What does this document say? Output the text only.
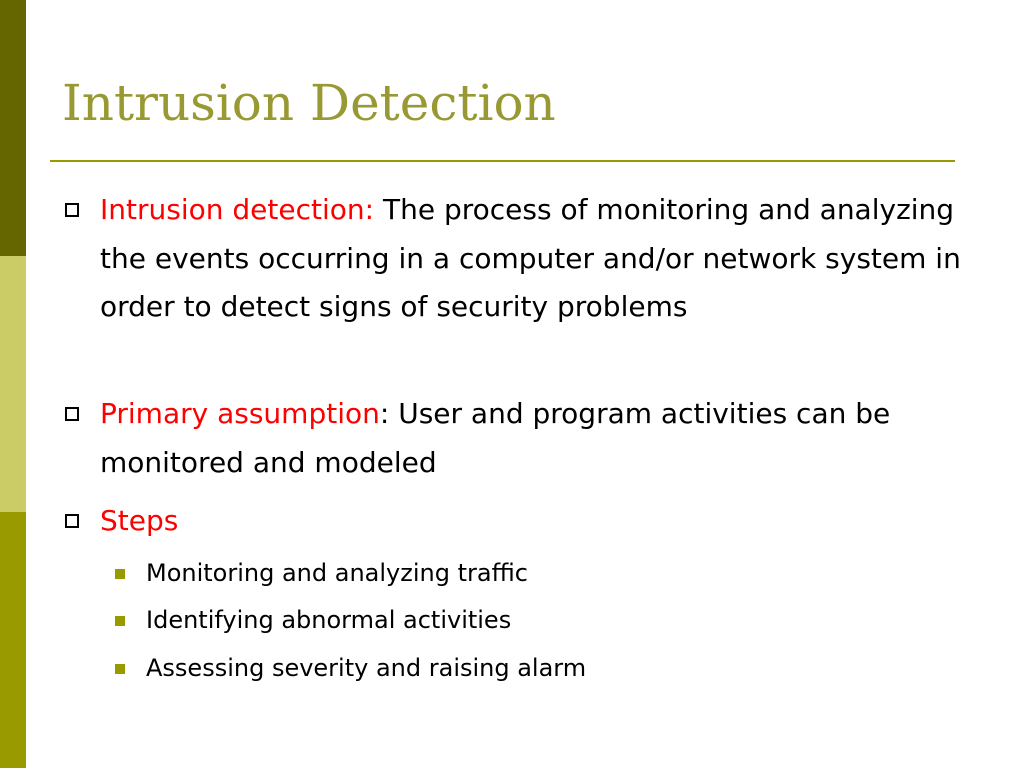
Intrusion Detection
Intrusion detection: The process of monitoring and analyzing the events occurring in a computer and/or network system in order to detect signs of security problems
Primary assumption: User and program activities can be monitored and modeled
Steps
Monitoring and analyzing traffic
Identifying abnormal activities
Assessing severity and raising alarm
